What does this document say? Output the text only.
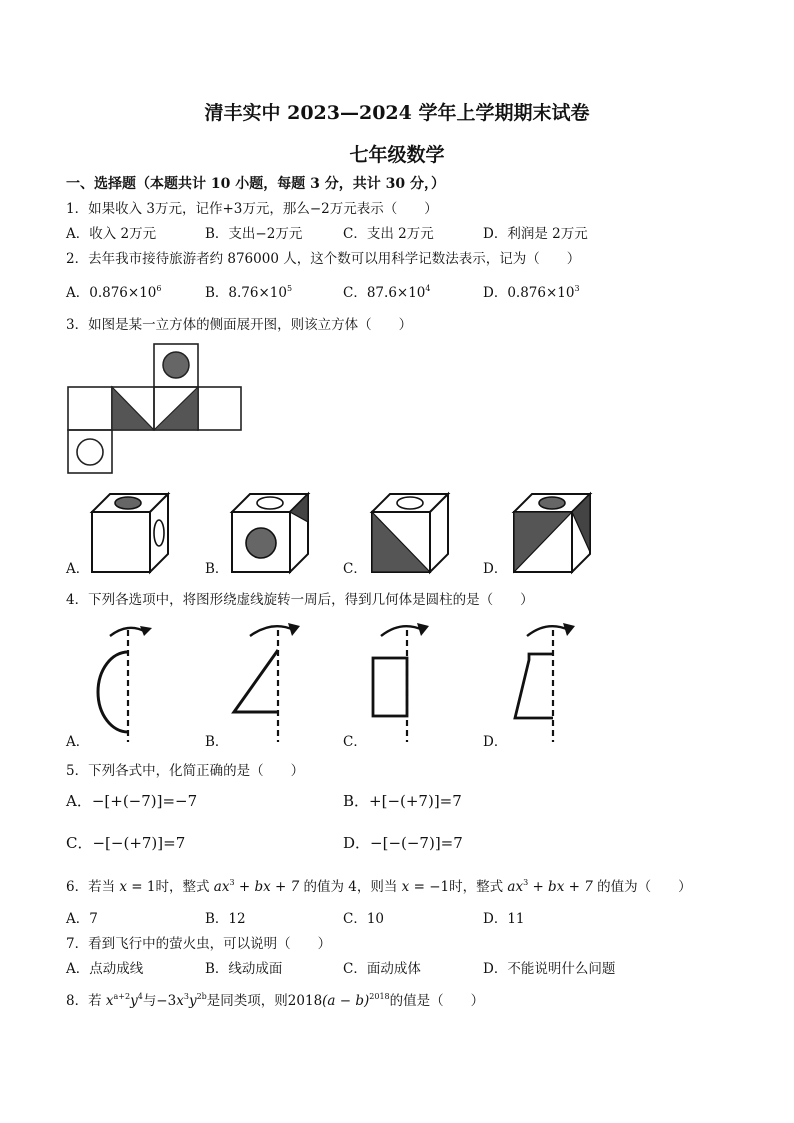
清丰实中 2023—2024 学年上学期期末试卷
七年级数学
一、选择题（本题共计 10 小题，每题 3 分，共计 30 分，）
1．如果收入 3万元，记作+3万元，那么−2万元表示（　　）
A．收入 2万元	B．支出−2万元	C．支出 2万元	D．利润是 2万元
2．去年我市接待旅游者约 876000 人，这个数可以用科学记数法表示，记为（　　）
A．$0.876\times 10^6$	B．$8.76\times 10^5$	C．$87.6\times 10^4$	D．$0.876\times 10^3$
3．如图是某一立方体的侧面展开图，则该立方体（　　）
A．	B．	C．	D．
4．下列各选项中，将图形绕虚线旋转一周后，得到几何体是圆柱的是（　　）
A．	B．	C．	D．
5．下列各式中，化简正确的是（　　）
A．−[+(−7)]=−7	B．+[−(+7)]=7
C．−[−(+7)]=7	D．−[−(−7)]=7
6．若当 x = 1时，整式 $ax^3$ + bx + 7 的值为 4，则当 x = −1时，整式 $ax^3$ + bx + 7 的值为（　　）
A．7	B．12	C．10	D．11
7．看到飞行中的萤火虫，可以说明（　　）
A．点动成线	B．线动成面	C．面动成体	D．不能说明什么问题
8．若 $x^{a+2}y^4$与$-3x^3y^{2b}$是同类项，则$2018(a - b)^{2018}$的值是（　　）
